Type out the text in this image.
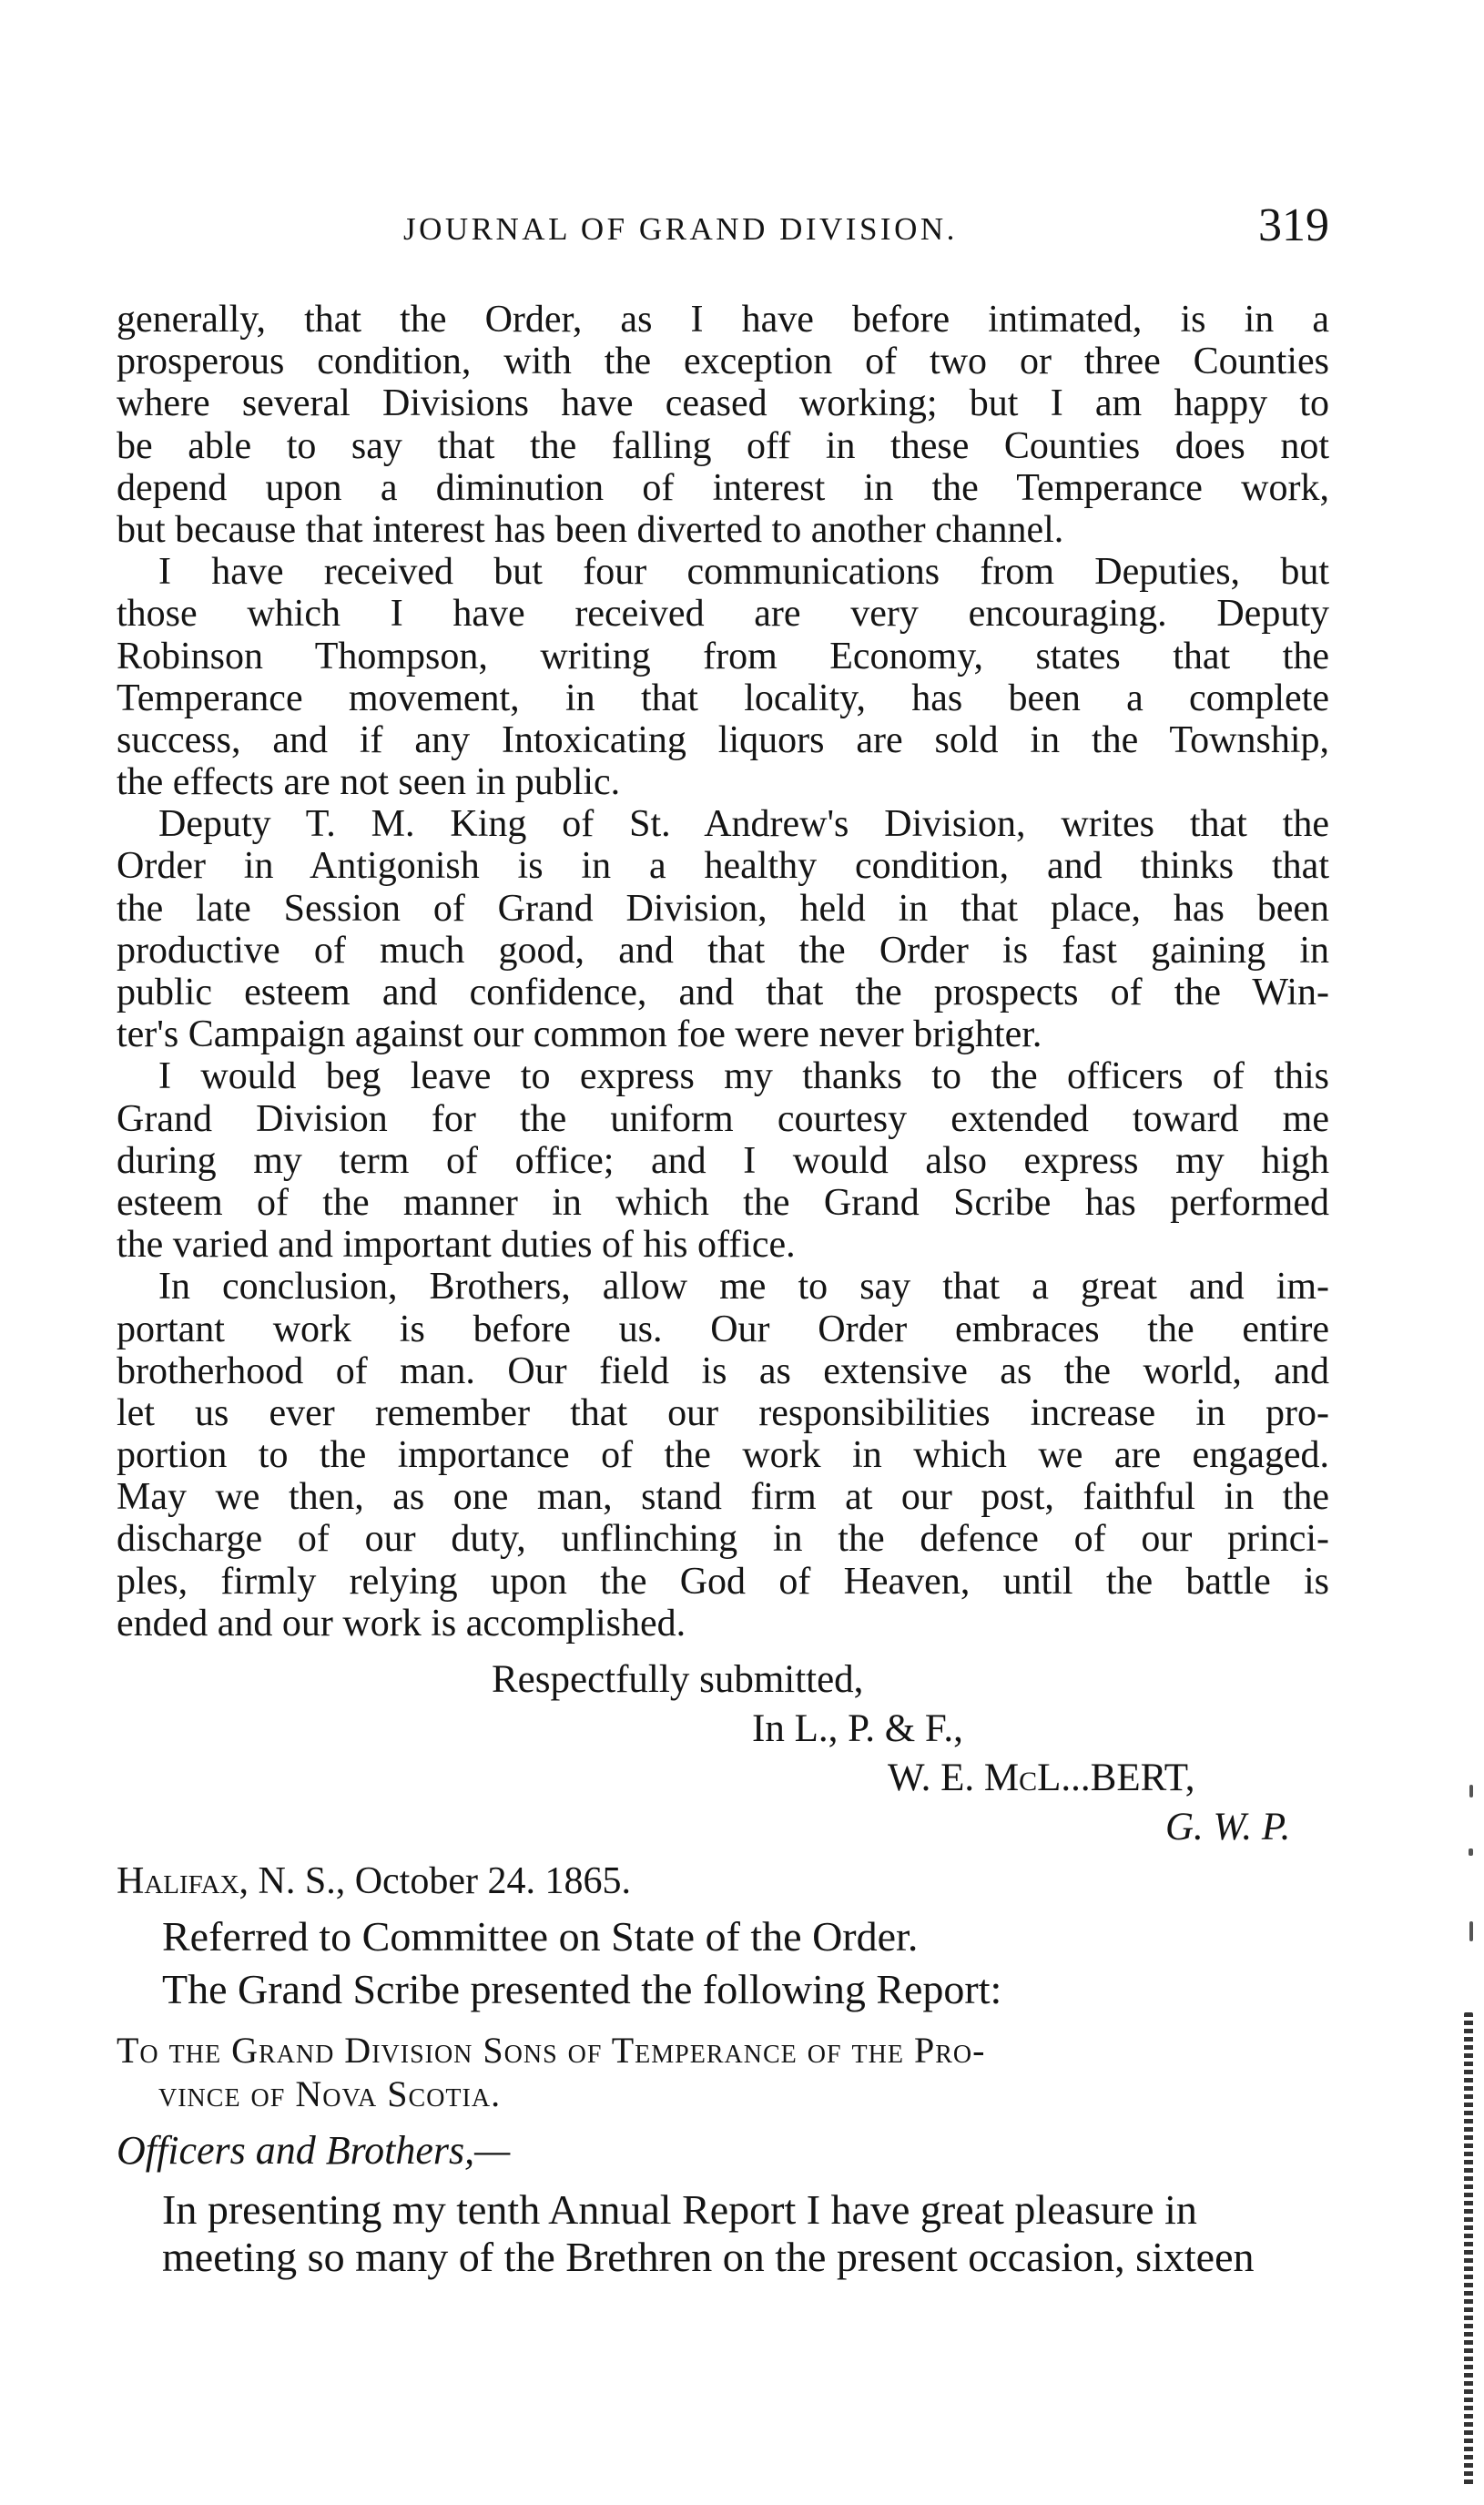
JOURNAL OF GRAND DIVISION.	319
generally, that the Order, as I have before intimated, is in a
prosperous condition, with the exception of two or three Counties
where several Divisions have ceased working; but I am happy to
be able to say that the falling off in these Counties does not
depend upon a diminution of interest in the Temperance work,
but because that interest has been diverted to another channel.
I have received but four communications from Deputies, but
those which I have received are very encouraging. Deputy
Robinson Thompson, writing from Economy, states that the
Temperance movement, in that locality, has been a complete
success, and if any Intoxicating liquors are sold in the Township,
the effects are not seen in public.
Deputy T. M. King of St. Andrew's Division, writes that the
Order in Antigonish is in a healthy condition, and thinks that
the late Session of Grand Division, held in that place, has been
productive of much good, and that the Order is fast gaining in
public esteem and confidence, and that the prospects of the Win-
ter's Campaign against our common foe were never brighter.
I would beg leave to express my thanks to the officers of this
Grand Division for the uniform courtesy extended toward me
during my term of office; and I would also express my high
esteem of the manner in which the Grand Scribe has performed
the varied and important duties of his office.
In conclusion, Brothers, allow me to say that a great and im-
portant work is before us. Our Order embraces the entire
brotherhood of man. Our field is as extensive as the world, and
let us ever remember that our responsibilities increase in pro-
portion to the importance of the work in which we are engaged.
May we then, as one man, stand firm at our post, faithful in the
discharge of our duty, unflinching in the defence of our princi-
ples, firmly relying upon the God of Heaven, until the battle is
ended and our work is accomplished.
Respectfully submitted,
In L., P. & F.,
W. E. McL...BERT,
G. W. P.
Halifax, N. S., October 24. 1865.
Referred to Committee on State of the Order.
The Grand Scribe presented the following Report:
To the Grand Division Sons of Temperance of the Pro-
vince of Nova Scotia.
Officers and Brothers,—
In presenting my tenth Annual Report I have great pleasure in
meeting so many of the Brethren on the present occasion, sixteen
